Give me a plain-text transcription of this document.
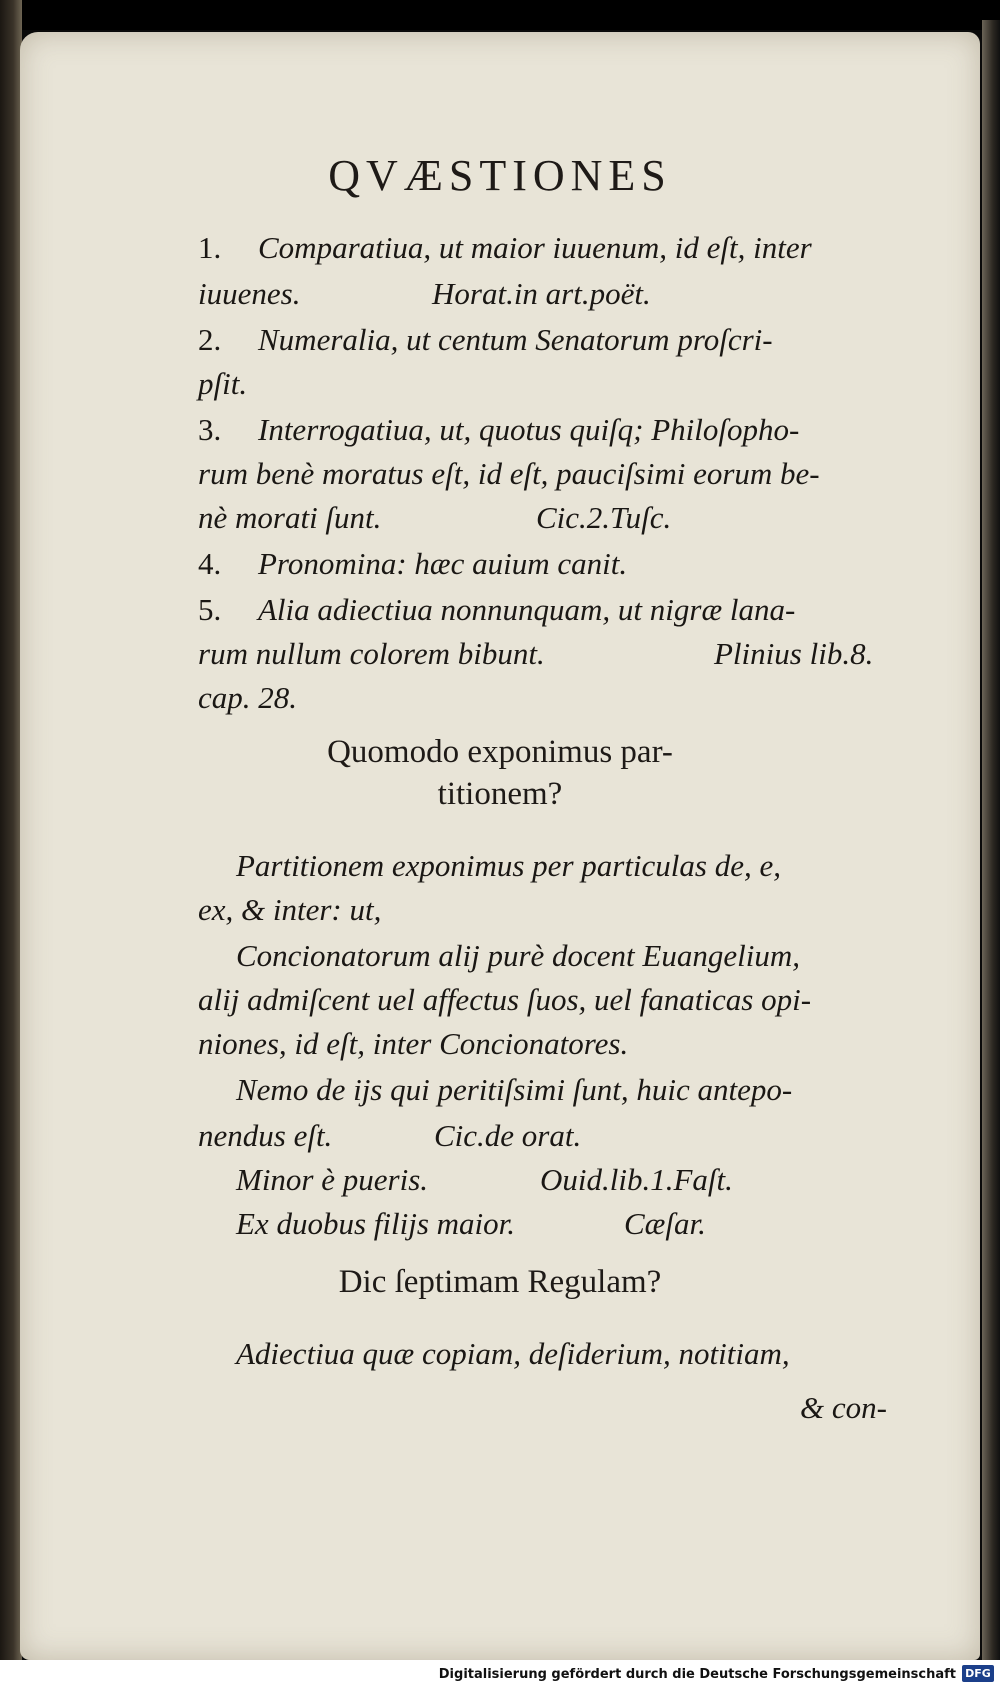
QVÆSTIONES
1. Comparatiua, ut maior iuuenum, id eſt, inter
iuuenes.	Horat.in art.poët.
2. Numeralia, ut centum Senatorum proſcri-
pſit.
3. Interrogatiua, ut, quotus quiſq; Philoſopho-
rum benè moratus eſt, id eſt, pauciſsimi eorum be-
nè morati ſunt.	Cic.2.Tuſc.
4. Pronomina: hæc auium canit.
5. Alia adiectiua nonnunquam, ut nigræ lana-
rum nullum colorem bibunt.	Plinius lib.8.
cap. 28.
Quomodo exponimus par-
titionem?
Partitionem exponimus per particulas de, e,
ex, & inter: ut,
Concionatorum alij purè docent Euangelium,
alij admiſcent uel affectus ſuos, uel fanaticas opi-
niones, id eſt, inter Concionatores.
Nemo de ijs qui peritiſsimi ſunt, huic antepo-
nendus eſt.	Cic.de orat.
Minor è pueris.	Ouid.lib.1.Faſt.
Ex duobus filijs maior.	Cæſar.
Dic ſeptimam Regulam?
Adiectiua quæ copiam, deſiderium, notitiam,
& con-
Digitalisierung gefördert durch die Deutsche Forschungsgemeinschaft DFG
